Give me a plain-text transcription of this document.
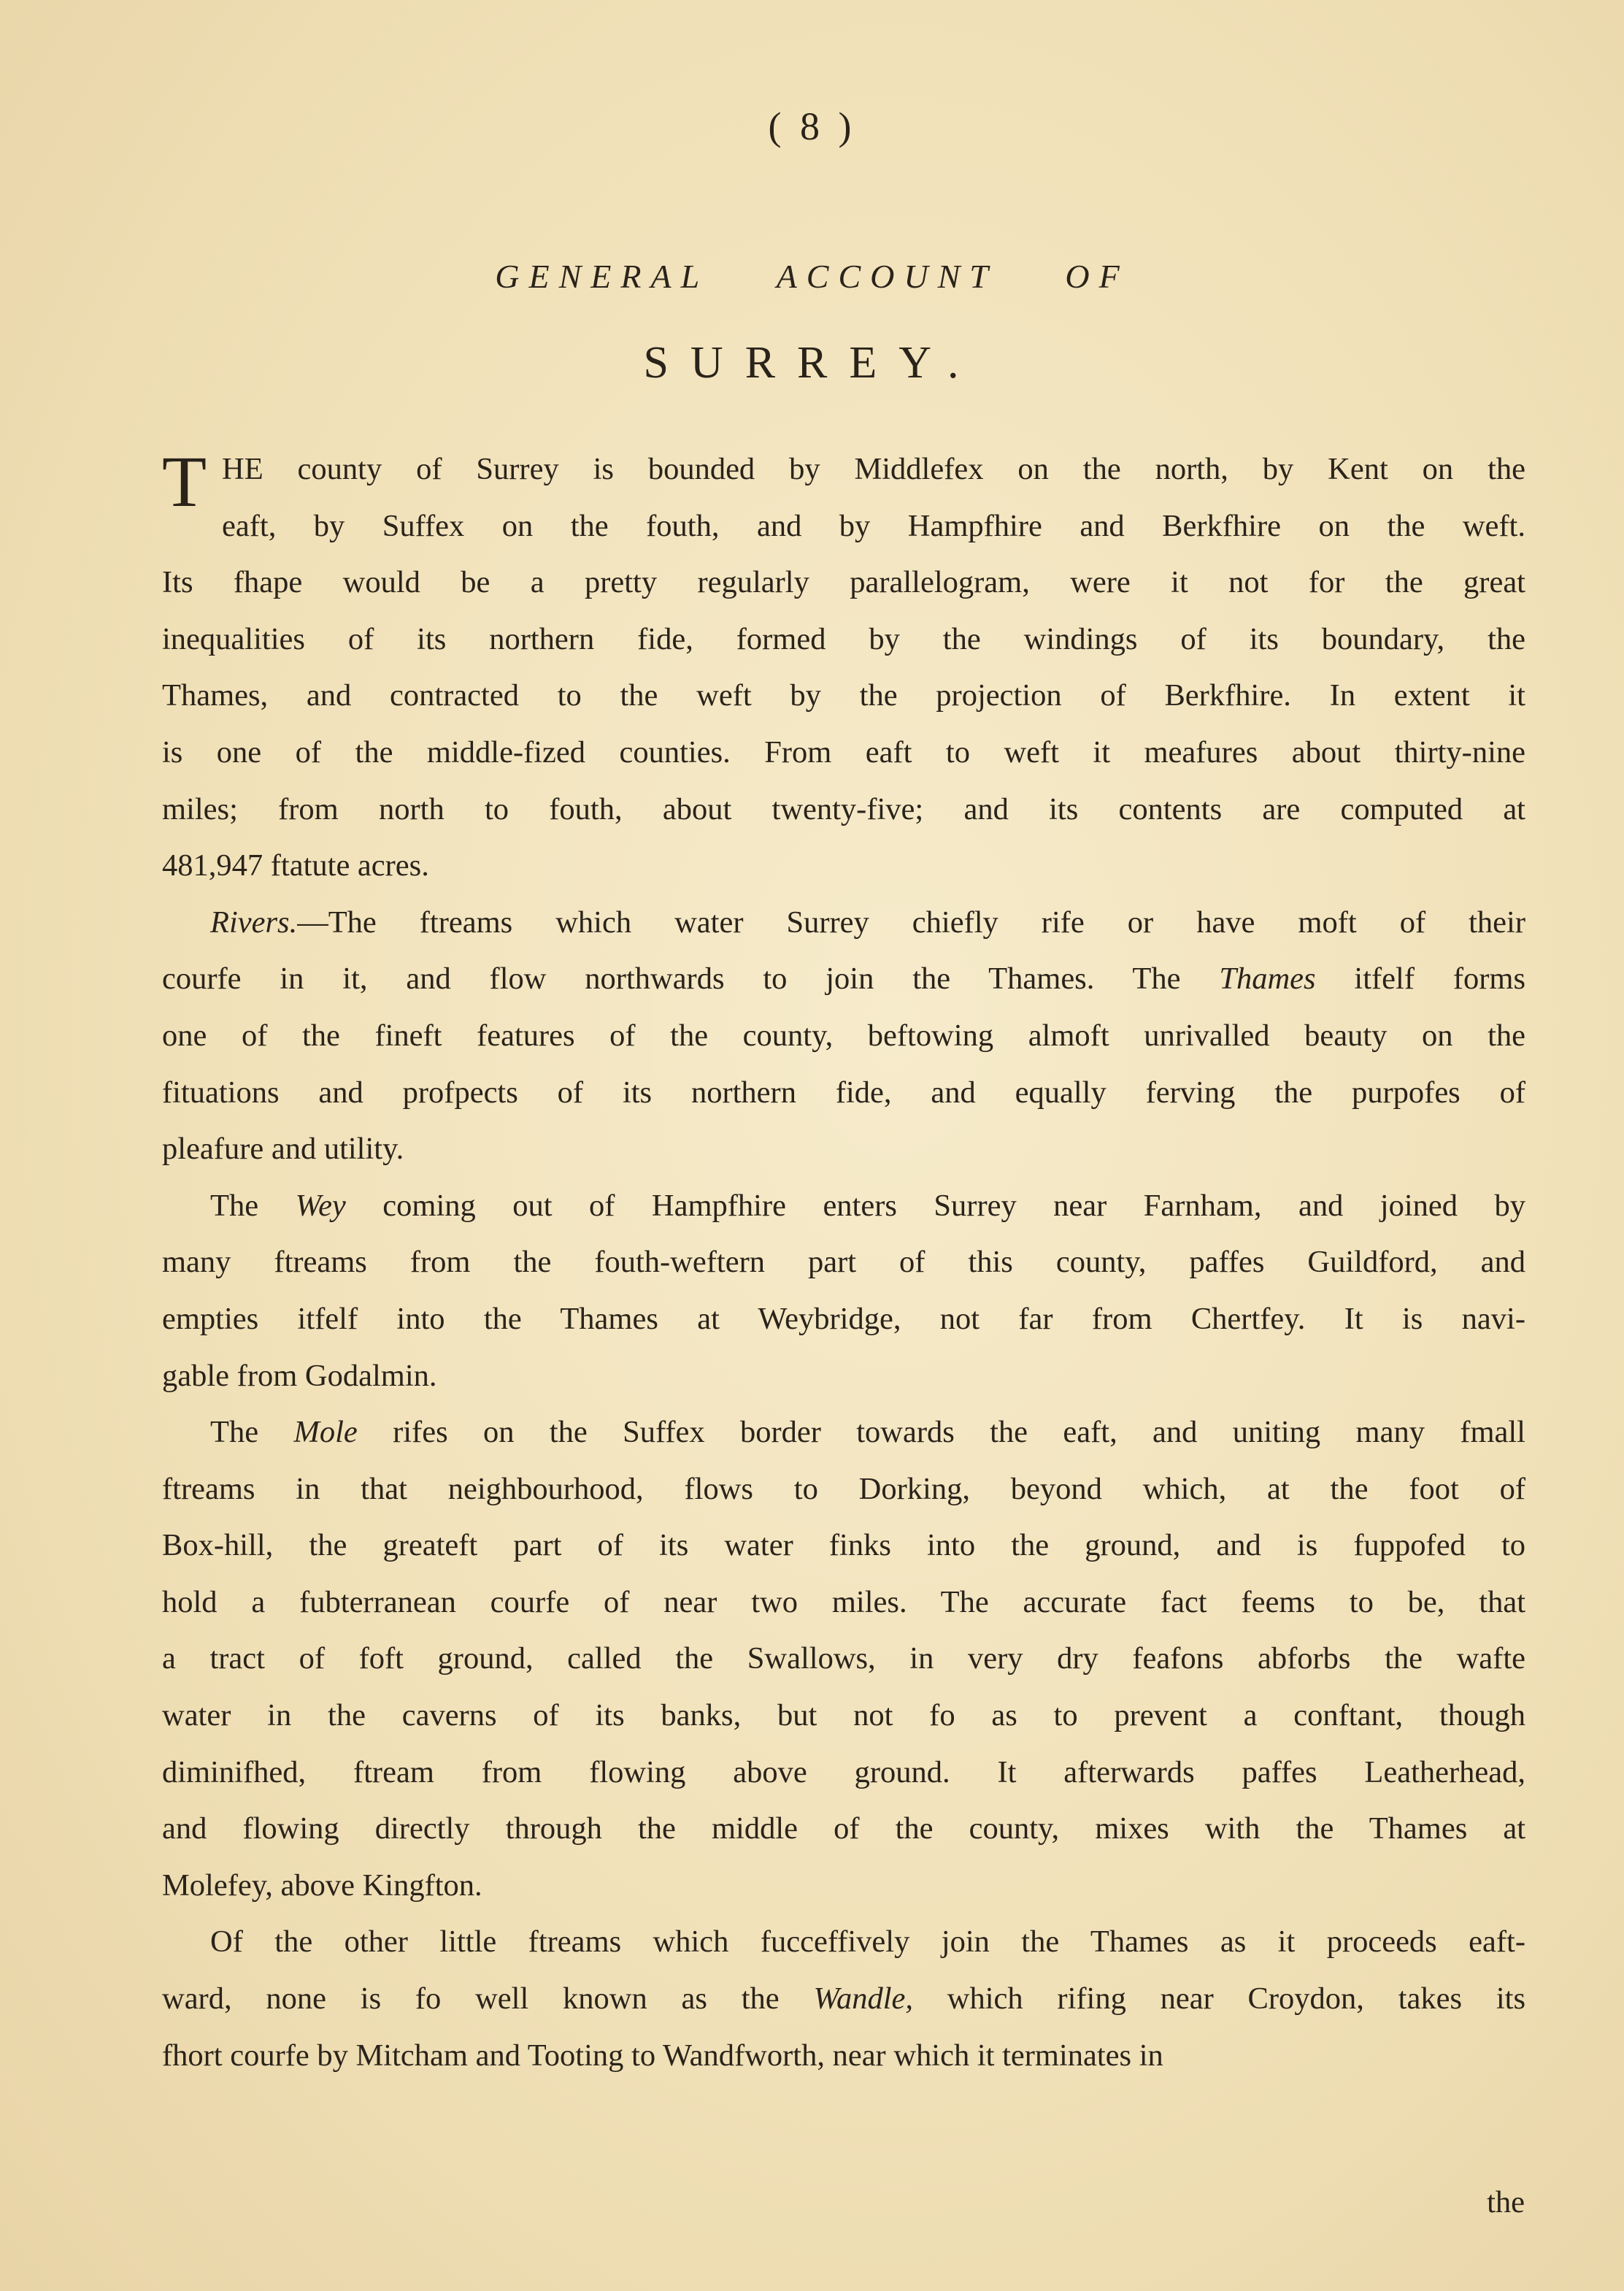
( 8 )
GENERAL ACCOUNT OF
SURREY.
T HE county of Surrey is bounded by Middlefex on the north, by Kent on the
eaft, by Suffex on the fouth, and by Hampfhire and Berkfhire on the weft.
Its fhape would be a pretty regularly parallelogram, were it not for the great
inequalities of its northern fide, formed by the windings of its boundary, the
Thames, and contracted to the weft by the projection of Berkfhire. In extent it
is one of the middle-fized counties. From eaft to weft it meafures about thirty-nine
miles; from north to fouth, about twenty-five; and its contents are computed at
481,947 ftatute acres.
Rivers.—The ftreams which water Surrey chiefly rife or have moft of their
courfe in it, and flow northwards to join the Thames. The Thames itfelf forms
one of the fineft features of the county, beftowing almoft unrivalled beauty on the
fituations and profpects of its northern fide, and equally ferving the purpofes of
pleafure and utility.
The Wey coming out of Hampfhire enters Surrey near Farnham, and joined by
many ftreams from the fouth-weftern part of this county, paffes Guildford, and
empties itfelf into the Thames at Weybridge, not far from Chertfey. It is navi-
gable from Godalmin.
The Mole rifes on the Suffex border towards the eaft, and uniting many fmall
ftreams in that neighbourhood, flows to Dorking, beyond which, at the foot of
Box-hill, the greateft part of its water finks into the ground, and is fuppofed to
hold a fubterranean courfe of near two miles. The accurate fact feems to be, that
a tract of foft ground, called the Swallows, in very dry feafons abforbs the wafte
water in the caverns of its banks, but not fo as to prevent a conftant, though
diminifhed, ftream from flowing above ground. It afterwards paffes Leatherhead,
and flowing directly through the middle of the county, mixes with the Thames at
Molefey, above Kingfton.
Of the other little ftreams which fucceffively join the Thames as it proceeds eaft-
ward, none is fo well known as the Wandle, which rifing near Croydon, takes its
fhort courfe by Mitcham and Tooting to Wandfworth, near which it terminates in
the
